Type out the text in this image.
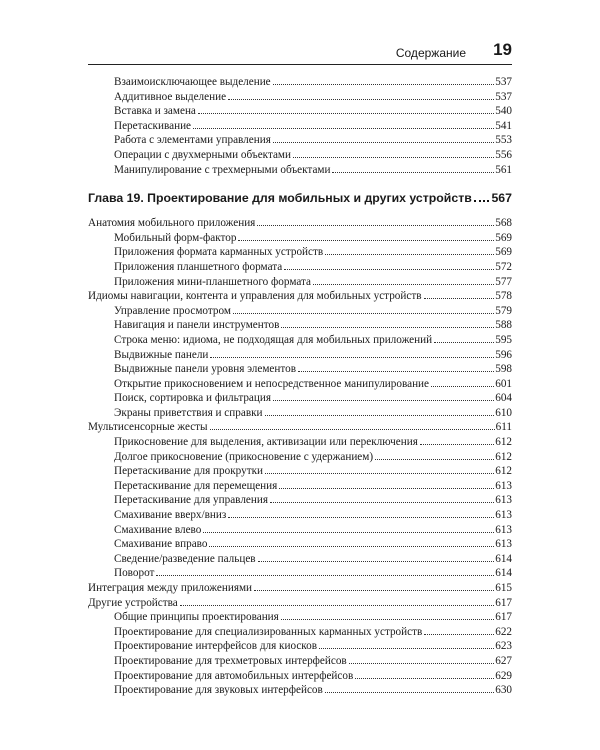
Содержание 19
Взаимоисключающее выделение	537
Аддитивное выделение	537
Вставка и замена	540
Перетаскивание	541
Работа с элементами управления	553
Операции с двухмерными объектами	556
Манипулирование с трехмерными объектами	561
Глава 19. Проектирование для мобильных и других устройств 567
Анатомия мобильного приложения	568
Мобильный форм-фактор	569
Приложения формата карманных устройств	569
Приложения планшетного формата	572
Приложения мини-планшетного формата	577
Идиомы навигации, контента и управления для мобильных устройств	578
Управление просмотром	579
Навигация и панели инструментов	588
Строка меню: идиома, не подходящая для мобильных приложений	595
Выдвижные панели	596
Выдвижные панели уровня элементов	598
Открытие прикосновением и непосредственное манипулирование	601
Поиск, сортировка и фильтрация	604
Экраны приветствия и справки	610
Мультисенсорные жесты	611
Прикосновение для выделения, активизации или переключения	612
Долгое прикосновение (прикосновение с удержанием)	612
Перетаскивание для прокрутки	612
Перетаскивание для перемещения	613
Перетаскивание для управления	613
Смахивание вверх/вниз	613
Смахивание влево	613
Смахивание вправо	613
Сведение/разведение пальцев	614
Поворот	614
Интеграция между приложениями	615
Другие устройства	617
Общие принципы проектирования	617
Проектирование для специализированных карманных устройств	622
Проектирование интерфейсов для киосков	623
Проектирование для трехметровых интерфейсов	627
Проектирование для автомобильных интерфейсов	629
Проектирование для звуковых интерфейсов	630
